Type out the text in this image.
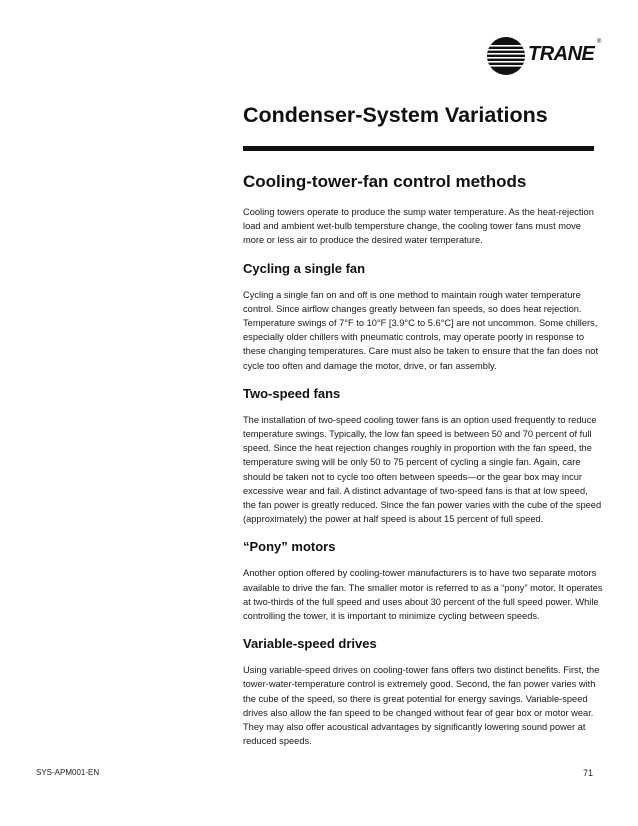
TRANE
®
Condenser-System Variations
Cooling-tower-fan control methods

Cooling towers operate to produce the sump water temperature. As the heat-rejection load and ambient wet-bulb tempersture change, the cooling tower fans must move more or less air to produce the desired water temperature.

Cycling a single fan

Cycling a single fan on and off is one method to maintain rough water temperature control. Since airflow changes greatly between fan speeds, so does heat rejection. Temperature swings of 7°F to 10°F [3.9°C to 5.6°C] are not uncommon. Some chillers, especially older chillers with pneumatic controls, may operate poorly in response to these changing temperatures. Care must also be taken to ensure that the fan does not cycle too often and damage the motor, drive, or fan assembly.

Two-speed fans

The installation of two-speed cooling tower fans is an option used frequently to reduce temperature swings. Typically, the low fan speed is between 50 and 70 percent of full speed. Since the heat rejection changes roughly in proportion with the fan speed, the temperature swing will be only 50 to 75 percent of cycling a single fan. Again, care should be taken not to cycle too often between speeds—or the gear box may incur excessive wear and fail. A distinct advantage of two-speed fans is that at low speed, the fan power is greatly reduced. Since the fan power varies with the cube of the speed (approximately) the power at half speed is about 15 percent of full speed.

“Pony” motors

Another option offered by cooling-tower manufacturers is to have two separate motors available to drive the fan. The smaller motor is referred to as a “pony” motor. It operates at two-thirds of the full speed and uses about 30 percent of the full speed power. While controlling the tower, it is important to minimize cycling between speeds.

Variable-speed drives

Using variable-speed drives on cooling-tower fans offers two distinct benefits. First, the tower-water-temperature control is extremely good. Second, the fan power varies with the cube of the speed, so there is great potential for energy savings. Variable-speed drives also allow the fan speed to be changed without fear of gear box or motor wear. They may also offer acoustical advantages by significantly lowering sound power at reduced speeds.

SYS-APM001-EN	71
